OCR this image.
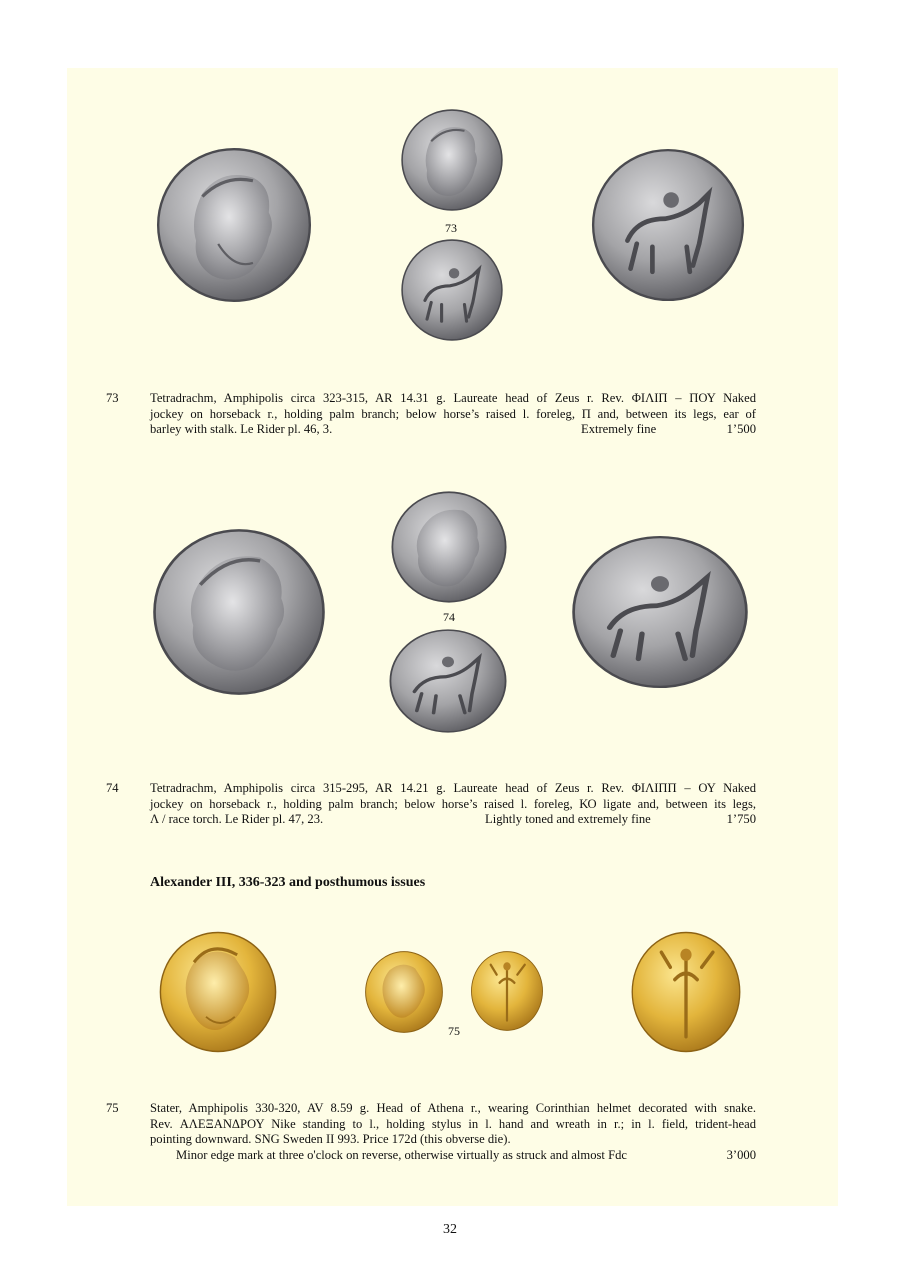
73
73 Tetradrachm, Amphipolis circa 323-315, AR 14.31 g. Laureate head of Zeus r. Rev. ΦΙΛΙΠ – ΠΟΥ Naked
jockey on horseback r., holding palm branch; below horse’s raised l. foreleg, Π and, between its legs, ear of
barley with stalk. Le Rider pl. 46, 3.	Extremely fine	1’500
74
74 Tetradrachm, Amphipolis circa 315-295, AR 14.21 g. Laureate head of Zeus r. Rev. ΦΙΛΙΠΠ – ΟΥ Naked
jockey on horseback r., holding palm branch; below horse’s raised l. foreleg, ΚΟ ligate and, between its legs,
Λ / race torch. Le Rider pl. 47, 23.	Lightly toned and extremely fine	1’750
Alexander III, 336-323 and posthumous issues
75
75 Stater, Amphipolis 330-320, AV 8.59 g. Head of Athena r., wearing Corinthian helmet decorated with snake.
Rev. ΑΛΕΞΑΝΔΡΟΥ Nike standing to l., holding stylus in l. hand and wreath in r.; in l. field, trident-head
pointing downward. SNG Sweden II 993. Price 172d (this obverse die).
Minor edge mark at three o'clock on reverse, otherwise virtually as struck and almost Fdc	3’000
32
